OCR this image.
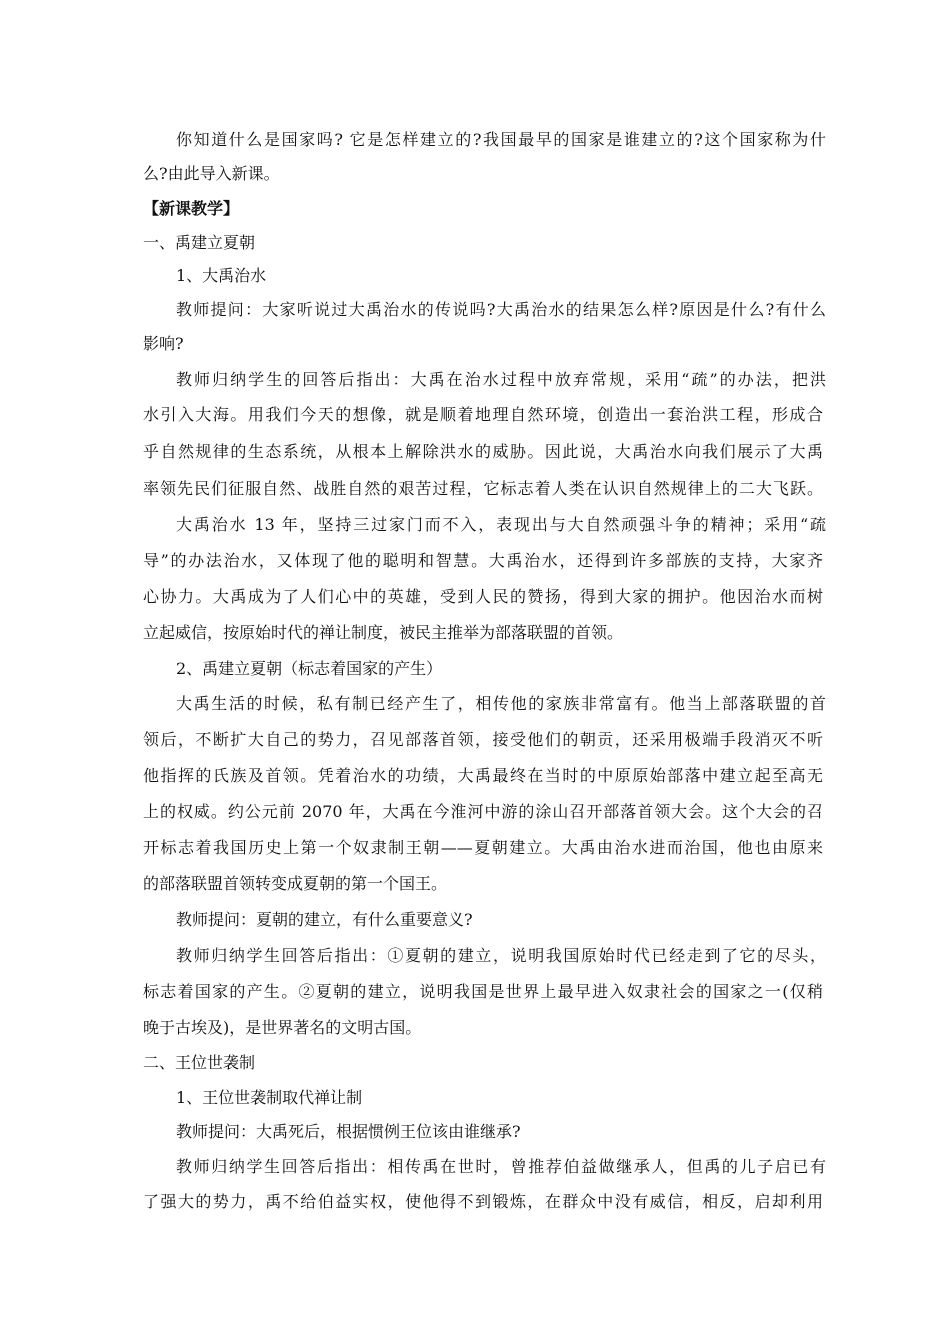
你知道什么是国家吗? 它是怎样建立的?我国最早的国家是谁建立的?这个国家称为什
么?由此导入新课。
【新课教学】
一、禹建立夏朝
1、大禹治水
教师提问：大家听说过大禹治水的传说吗?大禹治水的结果怎么样?原因是什么?有什么
影响?
教师归纳学生的回答后指出：大禹在治水过程中放弃常规，采用“疏”的办法，把洪
水引入大海。用我们今天的想像，就是顺着地理自然环境，创造出一套治洪工程，形成合
乎自然规律的生态系统，从根本上解除洪水的威胁。因此说，大禹治水向我们展示了大禹
率领先民们征服自然、战胜自然的艰苦过程，它标志着人类在认识自然规律上的二大飞跃。
大禹治水 13 年，坚持三过家门而不入，表现出与大自然顽强斗争的精神；采用“疏
导”的办法治水，又体现了他的聪明和智慧。大禹治水，还得到许多部族的支持，大家齐
心协力。大禹成为了人们心中的英雄，受到人民的赞扬，得到大家的拥护。他因治水而树
立起威信，按原始时代的禅让制度，被民主推举为部落联盟的首领。
2、禹建立夏朝（标志着国家的产生）
大禹生活的时候，私有制已经产生了，相传他的家族非常富有。他当上部落联盟的首
领后，不断扩大自己的势力，召见部落首领，接受他们的朝贡，还采用极端手段消灭不听
他指挥的氏族及首领。凭着治水的功绩，大禹最终在当时的中原原始部落中建立起至高无
上的权威。约公元前 2070 年，大禹在今淮河中游的涂山召开部落首领大会。这个大会的召
开标志着我国历史上第一个奴隶制王朝——夏朝建立。大禹由治水进而治国，他也由原来
的部落联盟首领转变成夏朝的第一个国王。
教师提问：夏朝的建立，有什么重要意义?
教师归纳学生回答后指出：①夏朝的建立，说明我国原始时代已经走到了它的尽头，
标志着国家的产生。②夏朝的建立，说明我国是世界上最早进入奴隶社会的国家之一(仅稍
晚于古埃及)，是世界著名的文明古国。
二、王位世袭制
1、王位世袭制取代禅让制
教师提问：大禹死后，根据惯例王位该由谁继承?
教师归纳学生回答后指出：相传禹在世时，曾推荐伯益做继承人，但禹的儿子启已有
了强大的势力，禹不给伯益实权，使他得不到锻炼，在群众中没有威信，相反，启却利用
